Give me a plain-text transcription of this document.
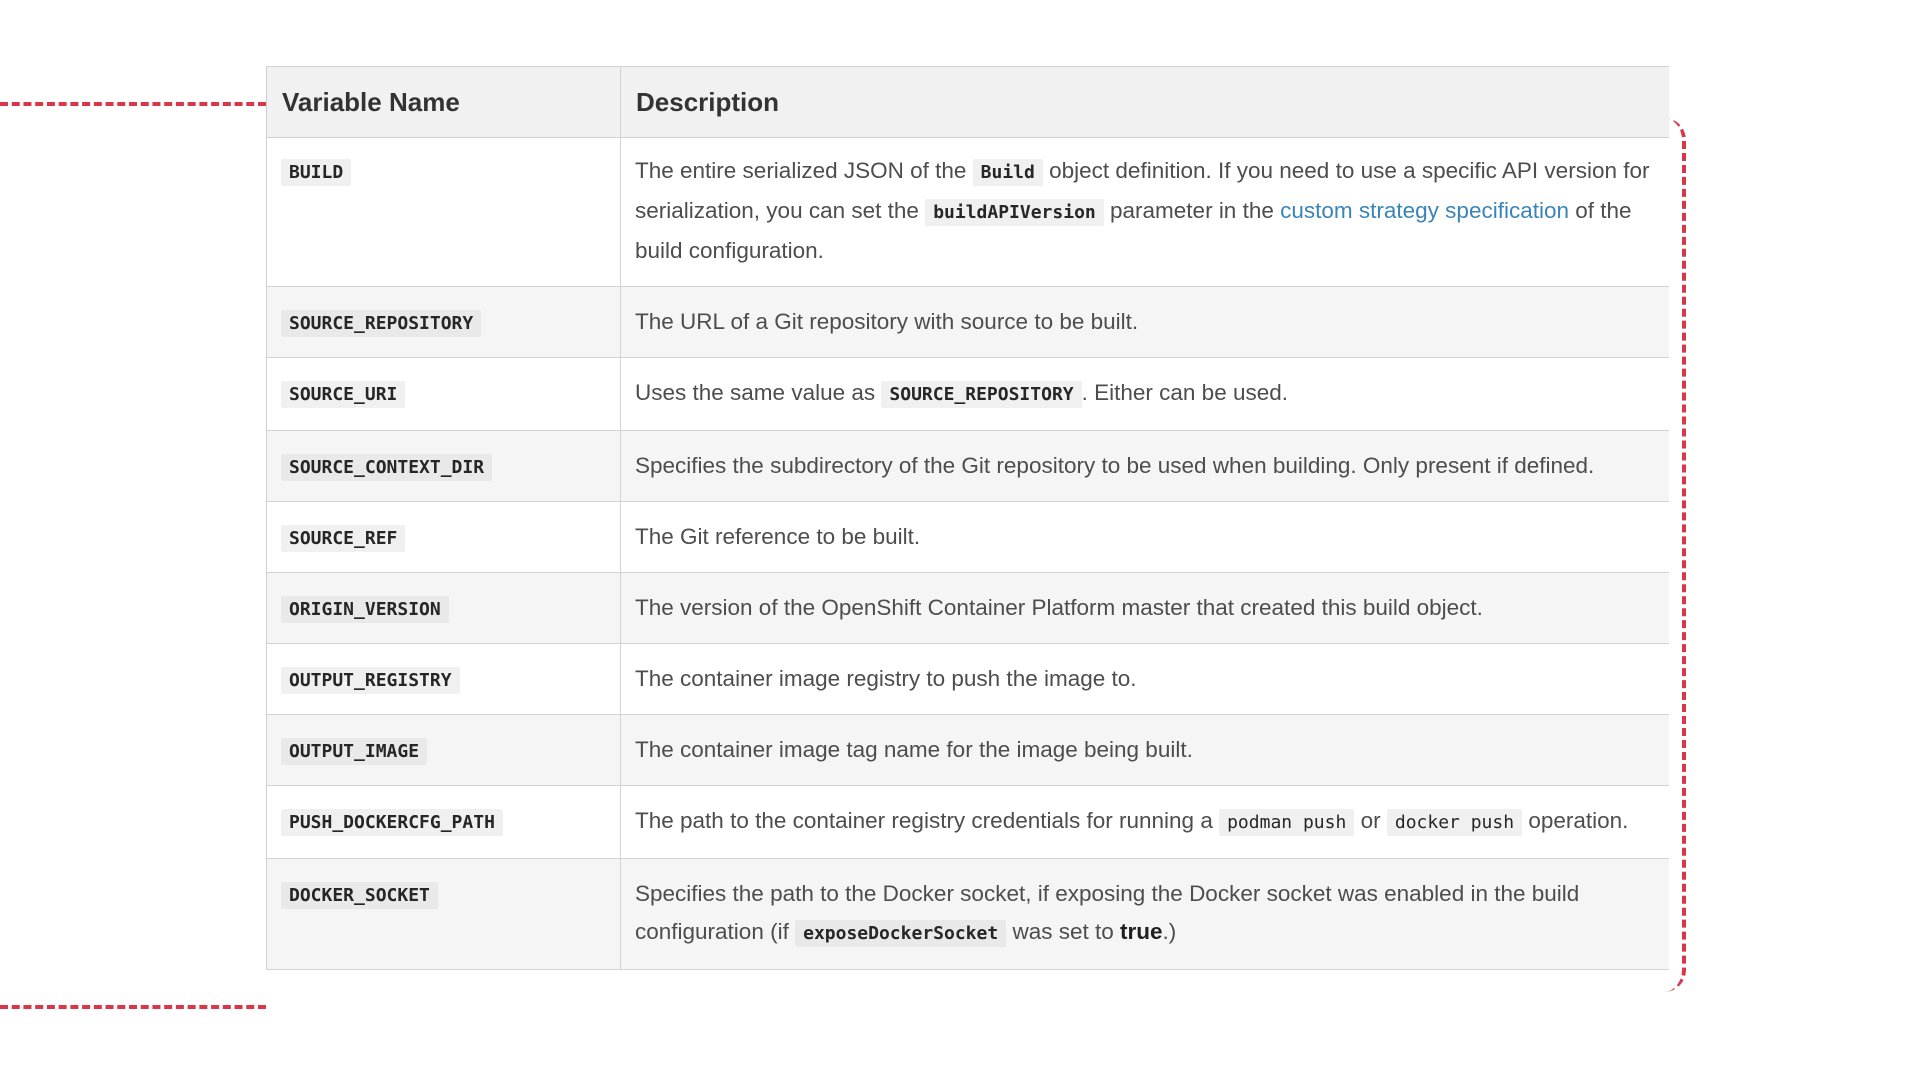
Variable Name	Description
BUILD	The entire serialized JSON of the Build object definition. If you need to use a specific API version for serialization, you can set the buildAPIVersion parameter in the custom strategy specification of the build configuration.
SOURCE_REPOSITORY	The URL of a Git repository with source to be built.
SOURCE_URI	Uses the same value as SOURCE_REPOSITORY . Either can be used.
SOURCE_CONTEXT_DIR	Specifies the subdirectory of the Git repository to be used when building. Only present if defined.
SOURCE_REF	The Git reference to be built.
ORIGIN_VERSION	The version of the OpenShift Container Platform master that created this build object.
OUTPUT_REGISTRY	The container image registry to push the image to.
OUTPUT_IMAGE	The container image tag name for the image being built.
PUSH_DOCKERCFG_PATH	The path to the container registry credentials for running a podman push or docker push operation.
DOCKER_SOCKET	Specifies the path to the Docker socket, if exposing the Docker socket was enabled in the build configuration (if exposeDockerSocket was set to true.)
